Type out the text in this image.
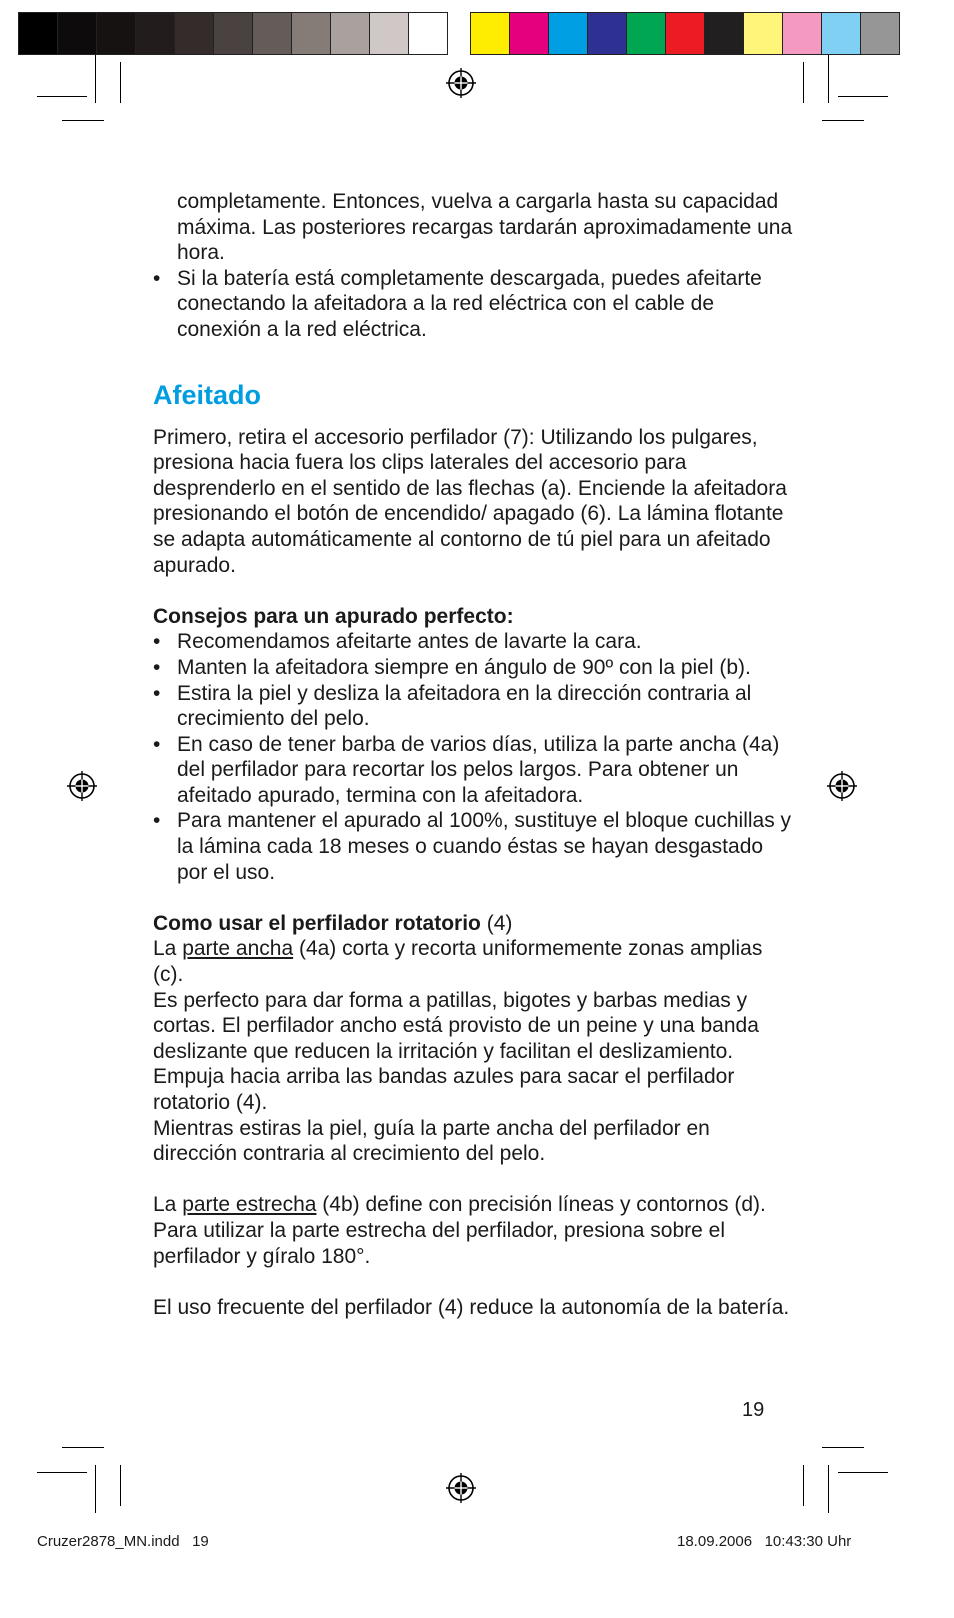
completamente. Entonces, vuelva a cargarla hasta su capacidad máxima. Las posteriores recargas tardarán aproximadamente una hora.

• Si la batería está completamente descargada, puedes afeitarte conectando la afeitadora a la red eléctrica con el cable de conexión a la red eléctrica.
Afeitado

Primero, retira el accesorio perfilador (7): Utilizando los pulgares, presiona hacia fuera los clips laterales del accesorio para desprenderlo en el sentido de las flechas (a). Enciende la afeitadora presionando el botón de encendido/ apagado (6). La lámina flotante se adapta automáticamente al contorno de tú piel para un afeitado apurado.

Consejos para un apurado perfecto:

• Recomendamos afeitarte antes de lavarte la cara.
• Manten la afeitadora siempre en ángulo de 90º con la piel (b).
• Estira la piel y desliza la afeitadora en la dirección contraria al crecimiento del pelo.
• En caso de tener barba de varios días, utiliza la parte ancha (4a) del perfilador para recortar los pelos largos. Para obtener un afeitado apurado, termina con la afeitadora.
• Para mantener el apurado al 100%, sustituye el bloque cuchillas y la lámina cada 18 meses o cuando éstas se hayan desgastado por el uso.

Como usar el perfilador rotatorio (4)

La parte ancha (4a) corta y recorta uniformemente zonas amplias (c).

Es perfecto para dar forma a patillas, bigotes y barbas medias y cortas. El perfilador ancho está provisto de un peine y una banda deslizante que reducen la irritación y facilitan el deslizamiento. Empuja hacia arriba las bandas azules para sacar el perfilador rotatorio (4).

Mientras estiras la piel, guía la parte ancha del perfilador en dirección contraria al crecimiento del pelo.

La parte estrecha (4b) define con precisión líneas y contornos (d). Para utilizar la parte estrecha del perfilador, presiona sobre el perfilador y gíralo 180°.

El uso frecuente del perfilador (4) reduce la autonomía de la batería.

19
Cruzer2878_MN.indd   19	18.09.2006   10:43:30 Uhr
